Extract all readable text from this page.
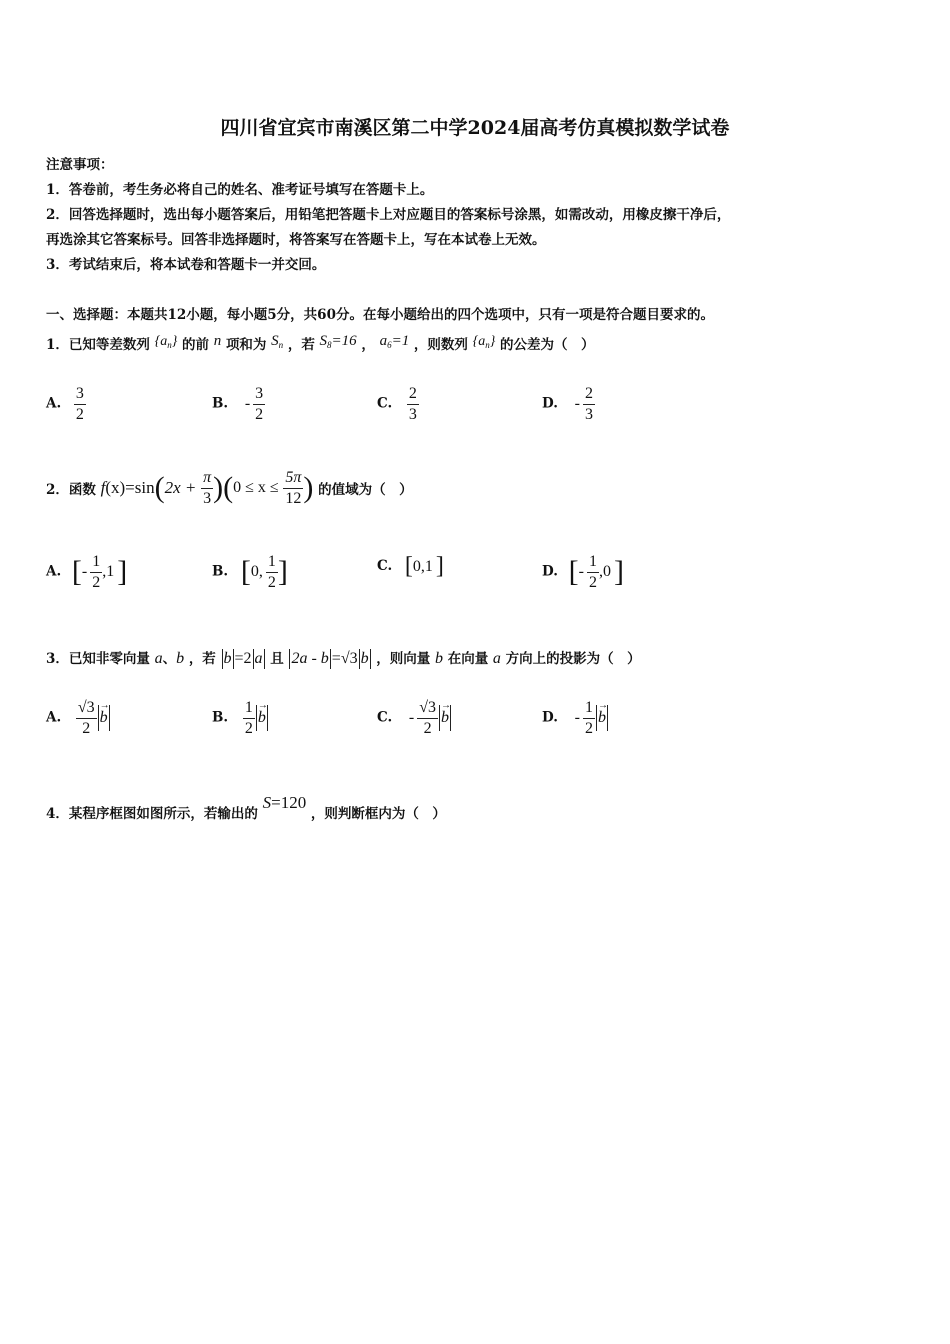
四川省宜宾市南溪区第二中学2024届高考仿真模拟数学试卷
注意事项：
1．答卷前，考生务必将自己的姓名、准考证号填写在答题卡上。
2．回答选择题时，选出每小题答案后，用铅笔把答题卡上对应题目的答案标号涂黑，如需改动，用橡皮擦干净后，
再选涂其它答案标号。回答非选择题时，将答案写在答题卡上，写在本试卷上无效。
3．考试结束后，将本试卷和答题卡一并交回。
一、选择题：本题共12小题，每小题5分，共60分。在每小题给出的四个选项中，只有一项是符合题目要求的。
1．已知等差数列 $\{a_n\}$ 的前 n 项和为 $S_n$ ，若 $S_8=16$ ， $a_6=1$ ，则数列 $\{a_n\}$ 的公差为（　）
A. $\frac{3}{2}$	B. - $\frac{3}{2}$	C. $\frac{2}{3}$	D. - $\frac{2}{3}$
2．函数 $f(x)=\sin(2x + \frac{\pi}{3} )(0 \le x \le \frac{5\pi}{12}$ ) 的值域为（　）
A. [- $\frac{1}{2} ,1$ ]	B. [0, $\frac{1}{2}$ ]	C. [0,1 ]	D. [- $\frac{1}{2} ,0$ ]
3．已知非零向量 a、b ，若 b =2 a 且 2a - b =√3 b ，则向量 b 在向量 a 方向上的投影为（　）
A. $\frac{√3}{2}$
→ b	B. $\frac{1}{2}$
→ b	C. - $\frac{√3}{2}$
→ b	D. - $\frac{1}{2}$
→ b
4．某程序框图如图所示，若输出的 S=120 ，则判断框内为（　）
